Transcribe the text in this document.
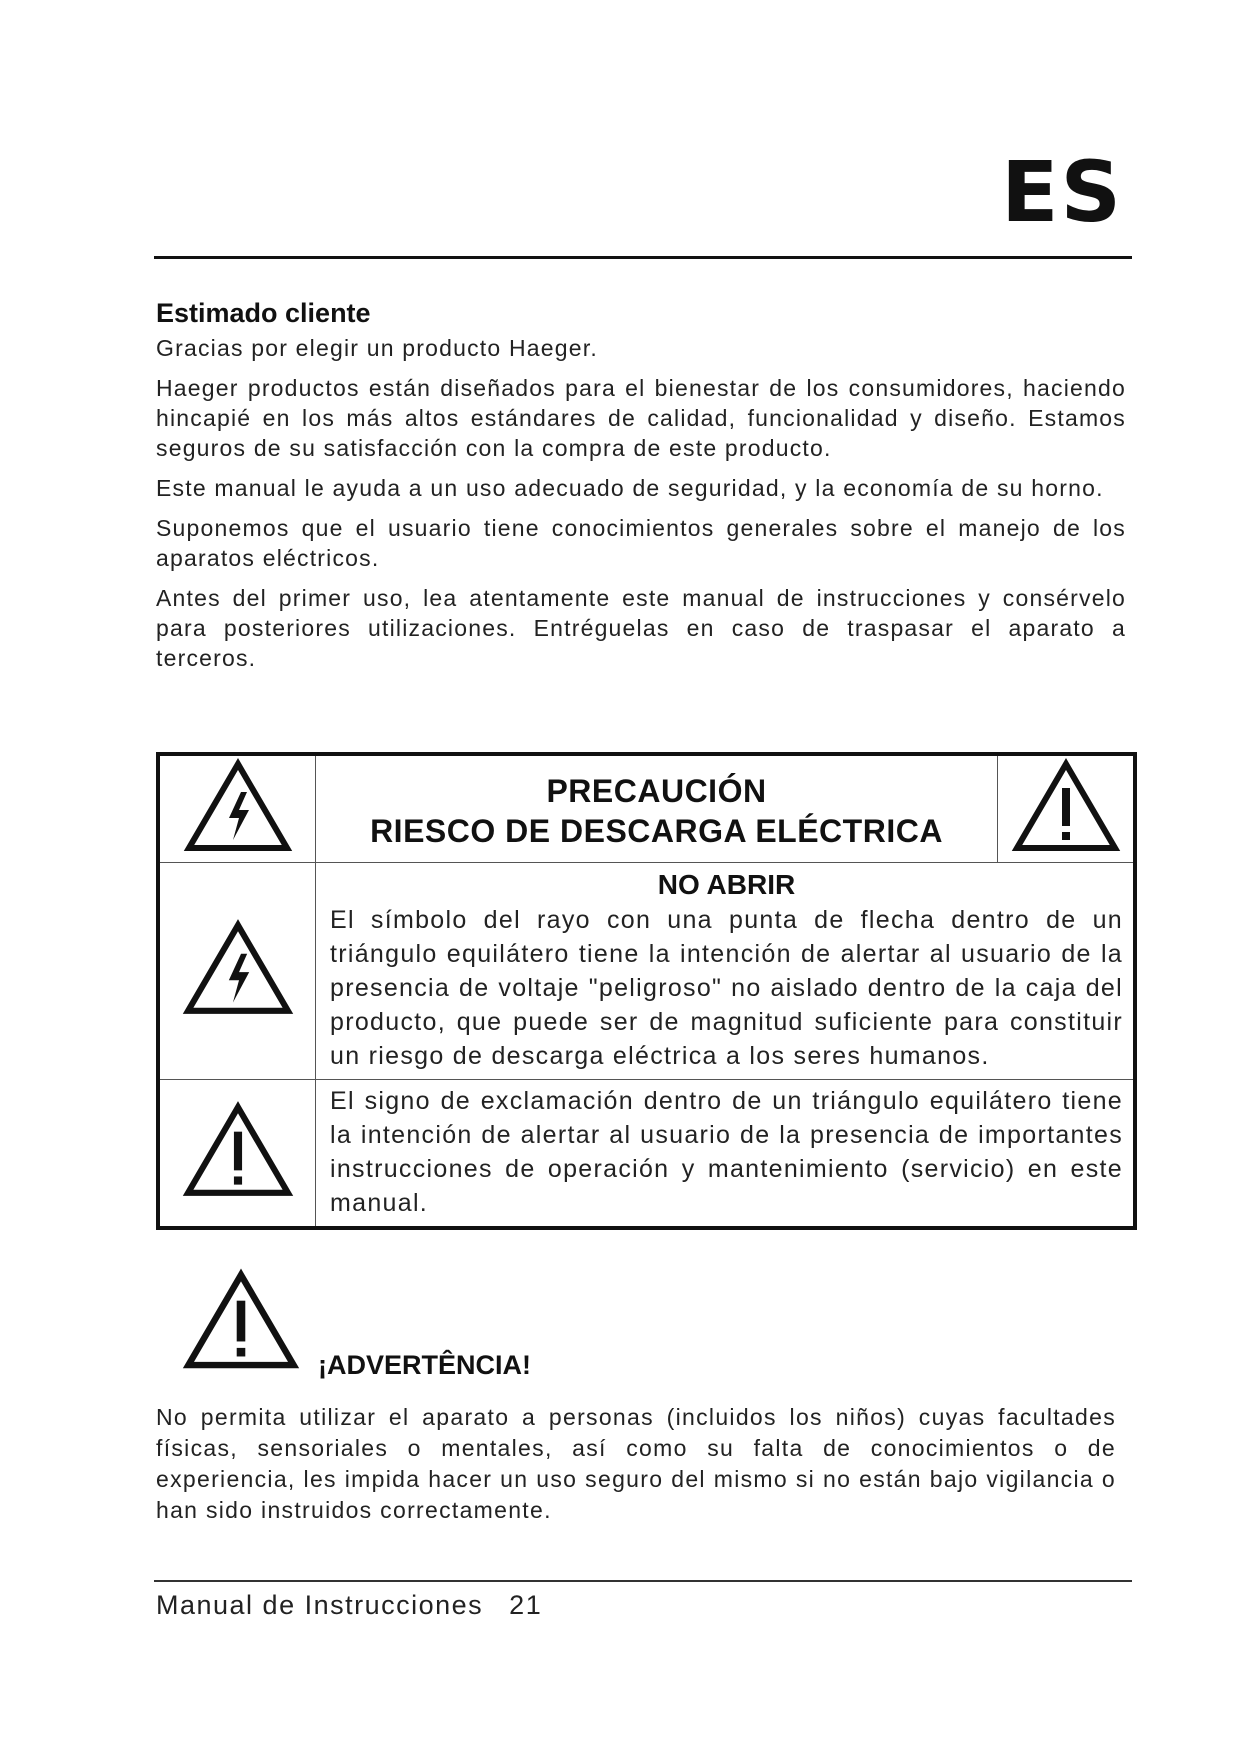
ES
Estimado cliente

Gracias por elegir un producto Haeger.

Haeger productos están diseñados para el bienestar de los consumidores, haciendo hincapié en los más altos estándares de calidad, funcionalidad y diseño. Estamos seguros de su satisfacción con la compra de este producto.

Este manual le ayuda a un uso adecuado de seguridad, y la economía de su horno.

Suponemos que el usuario tiene conocimientos generales sobre el manejo de los aparatos eléctricos.

Antes del primer uso, lea atentamente este manual de instrucciones y consérvelo para posteriores utilizaciones. Entréguelas en caso de traspasar el aparato a terceros.

PRECAUCIÓN
RIESCO DE DESCARGA ELÉCTRICA

NO ABRIR

El símbolo del rayo con una punta de flecha dentro de un triángulo equilátero tiene la intención de alertar al usuario de la presencia de voltaje "peligroso" no aislado dentro de la caja del producto, que puede ser de magnitud suficiente para constituir un riesgo de descarga eléctrica a los seres humanos.	

El signo de exclamación dentro de un triángulo equilátero tiene la intención de alertar al usuario de la presencia de importantes instrucciones de operación y mantenimiento (servicio) en este manual.	

¡ADVERTÊNCIA!

No permita utilizar el aparato a personas (incluidos los niños) cuyas facultades físicas, sensoriales o mentales, así como su falta de conocimientos o de experiencia, les impida hacer un uso seguro del mismo si no están bajo vigilancia o han sido instruidos correctamente.

Manual de Instrucciones 21
